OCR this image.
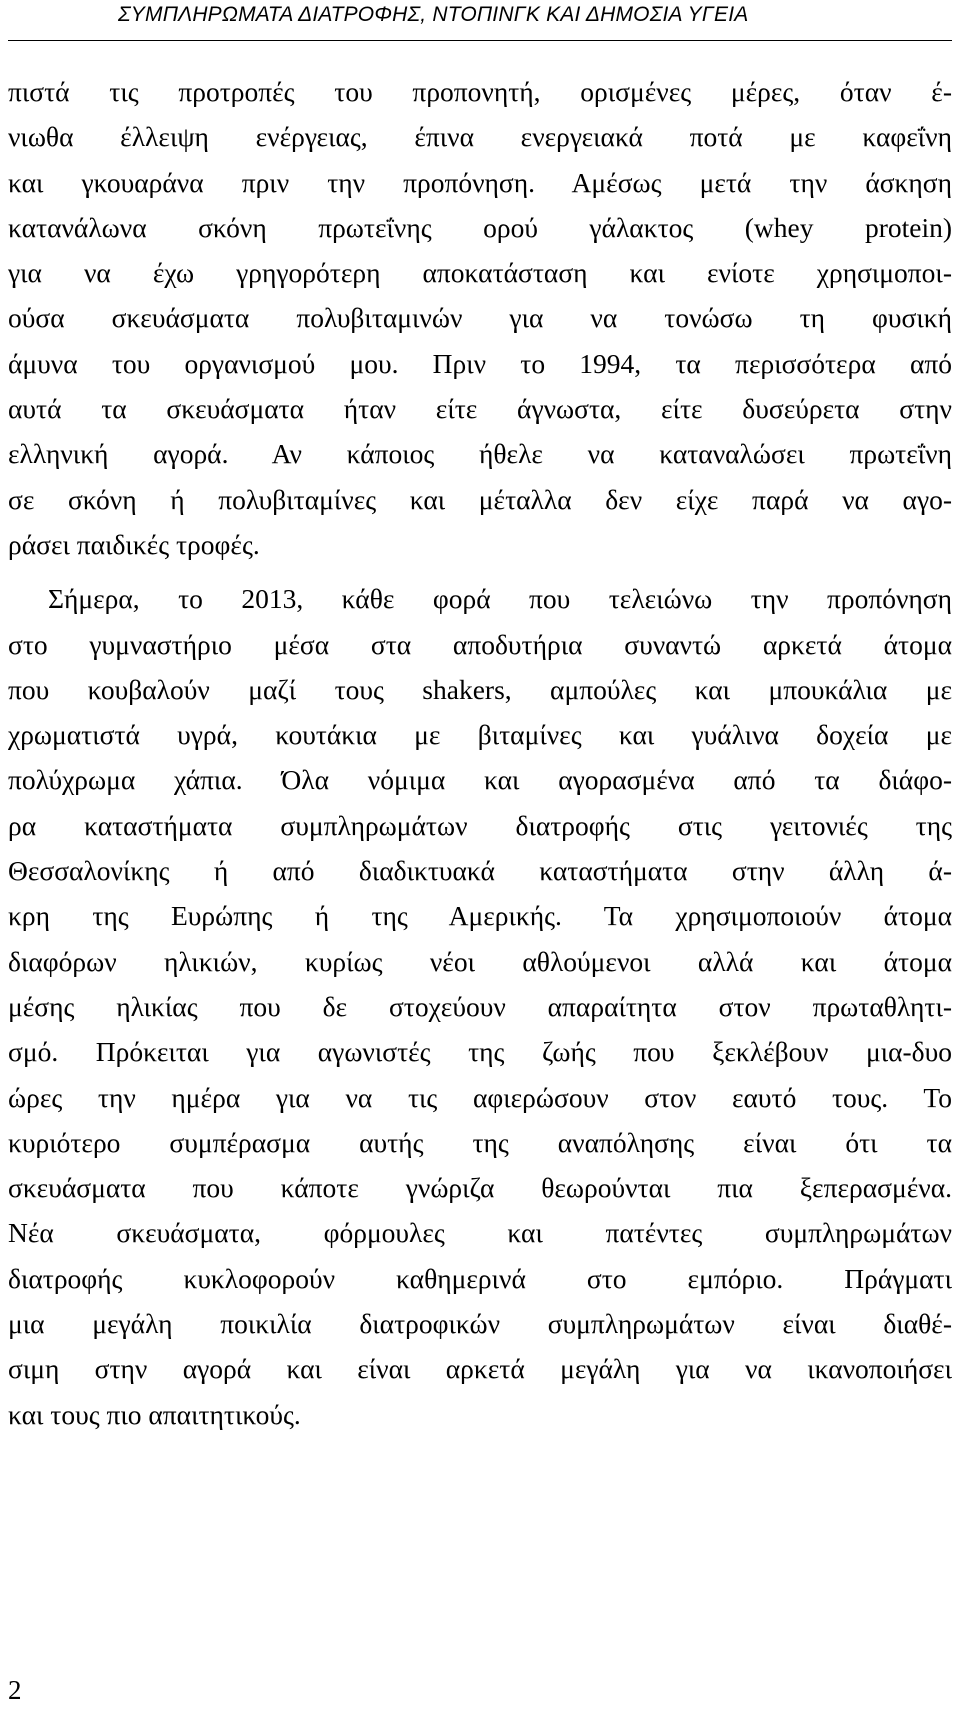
ΣΥΜΠΛΗΡΩΜΑΤΑ ΔΙΑΤΡΟΦΗΣ, ΝΤΟΠΙΝΓΚ ΚΑΙ ΔΗΜΟΣΙΑ ΥΓΕΙΑ
πιστά τις προτροπές του προπονητή, ορισμένες μέρες, όταν έ-
νιωθα έλλειψη ενέργειας, έπινα ενεργειακά ποτά με καφεΐνη
και γκουαράνα πριν την προπόνηση. Αμέσως μετά την άσκηση
κατανάλωνα σκόνη πρωτεΐνης ορού γάλακτος (whey protein)
για να έχω γρηγορότερη αποκατάσταση και ενίοτε χρησιμοποι-
ούσα σκευάσματα πολυβιταμινών για να τονώσω τη φυσική
άμυνα του οργανισμού μου. Πριν το 1994, τα περισσότερα από
αυτά τα σκευάσματα ήταν είτε άγνωστα, είτε δυσεύρετα στην
ελληνική αγορά. Αν κάποιος ήθελε να καταναλώσει πρωτεΐνη
σε σκόνη ή πολυβιταμίνες και μέταλλα δεν είχε παρά να αγο-
ράσει παιδικές τροφές.
Σήμερα, το 2013, κάθε φορά που τελειώνω την προπόνηση
στο γυμναστήριο μέσα στα αποδυτήρια συναντώ αρκετά άτομα
που κουβαλούν μαζί τους shakers, αμπούλες και μπουκάλια με
χρωματιστά υγρά, κουτάκια με βιταμίνες και γυάλινα δοχεία με
πολύχρωμα χάπια. Όλα νόμιμα και αγορασμένα από τα διάφο-
ρα καταστήματα συμπληρωμάτων διατροφής στις γειτονιές της
Θεσσαλονίκης ή από διαδικτυακά καταστήματα στην άλλη ά-
κρη της Ευρώπης ή της Αμερικής. Τα χρησιμοποιούν άτομα
διαφόρων ηλικιών, κυρίως νέοι αθλούμενοι αλλά και άτομα
μέσης ηλικίας που δε στοχεύουν απαραίτητα στον πρωταθλητι-
σμό. Πρόκειται για αγωνιστές της ζωής που ξεκλέβουν μια-δυο
ώρες την ημέρα για να τις αφιερώσουν στον εαυτό τους. Το
κυριότερο συμπέρασμα αυτής της αναπόλησης είναι ότι τα
σκευάσματα που κάποτε γνώριζα θεωρούνται πια ξεπερασμένα.
Νέα σκευάσματα, φόρμουλες και πατέντες συμπληρωμάτων
διατροφής κυκλοφορούν καθημερινά στο εμπόριο. Πράγματι
μια μεγάλη ποικιλία διατροφικών συμπληρωμάτων είναι διαθέ-
σιμη στην αγορά και είναι αρκετά μεγάλη για να ικανοποιήσει
και τους πιο απαιτητικούς.
2
